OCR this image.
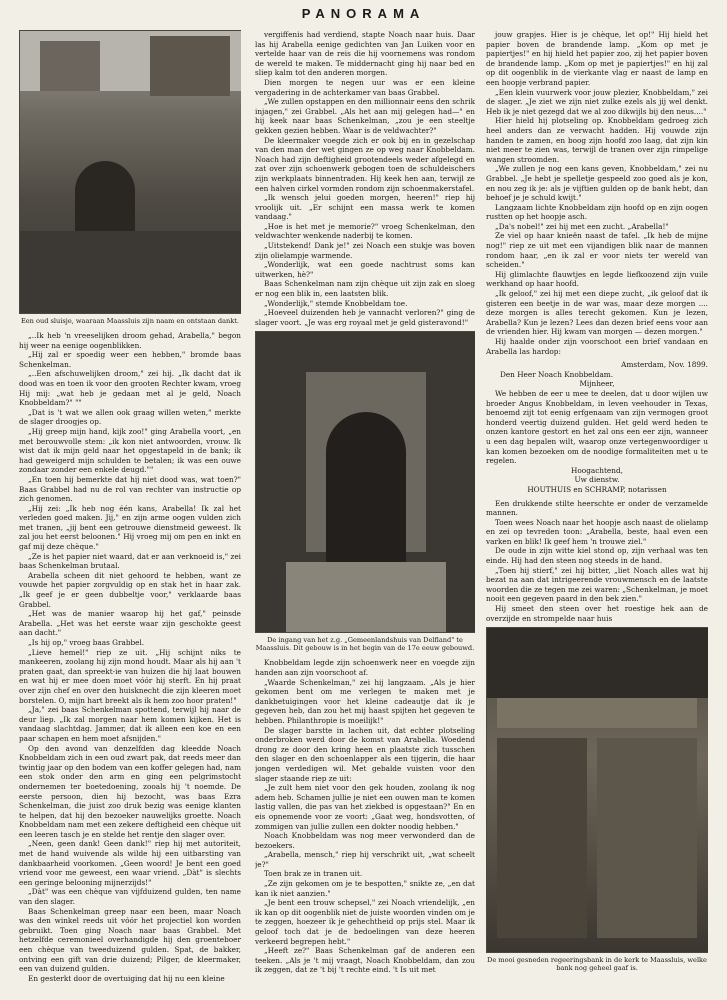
PANORAMA
Een oud sluisje, waaraan Maassluis zijn naam en ontstaan dankt.

„..Ik heb 'n vreeselijken droom gehad, Arabella," begon hij weer na eenige oogenblikken.

„Hij zal er spoedig weer een hebben," bromde baas Schenkelman.

„..Een afschuwelijken droom," zei hij. „Ik dacht dat ik dood was en toen ik voor den grooten Rechter kwam, vroeg Hij mij: „wat heb je gedaan met al je geld, Noach Knobbeldam?" ""

„Dat is 't wat we allen ook graag willen weten," merkte de slager droogjes op.

„Hij greep mijn hand, kijk zoo!" ging Arabella voort, „en met berouwvolle stem: „ik kon niet antwoorden, vrouw. Ik wist dat ik mijn geld naar het opgestapeld in de bank; ik had geweigerd mijn schulden te betalen; ik was een ouwe zondaar zonder een enkele deugd.""

„En toen hij bemerkte dat hij niet dood was, wat toen?" Baas Grabbel had nu de rol van rechter van instructie op zich genomen.

„Hij zei: „Ik heb nog één kans, Arabella! Ik zal het verleden goed maken. Jij," en zijn arme oogen vulden zich met tranen, „jij bent een getrouwe dienstmeid geweest. Ik zal jou het eerst beloonen." Hij vroeg mij om pen en inkt en gaf mij deze chèque."

„Ze is het papier niet waard, dat er aan verknoeid is," zei baas Schenkelman brutaal.

Arabella scheen dit niet gehoord te hebben, want ze vouwde het papier zorgvuldig op en stak het in haar zak. „Ik geef je er geen dubbeltje voor," verklaarde baas Grabbel.

„Het was de manier waarop hij het gaf," peinsde Arabella. „Het was het eerste waar zijn geschokte geest aan dacht."

„Is hij op," vroeg baas Grabbel.

„Lieve hemel!" riep ze uit. „Hij schijnt niks te mankeeren, zoolang hij zijn mond houdt. Maar als hij aan 't praten gaat, dan spreekt-ie van huizen die hij laat bouwen en wat hij er mee doen moet vóór hij sterft. En hij praat over zijn chef en over den huisknecht die zijn kleeren moet borstelen. O, mijn hart breekt als ik hem zoo hoor praten!"

„Ja," zei baas Schenkelman spottend, terwijl hij naar de deur liep. „Ik zal morgen naar hem komen kijken. Het is vandaag slachtdag. Jammer, dat ik alleen een koe en een paar schapen en hem moet afsnijden."

Op den avond van denzelfden dag kleedde Noach Knobbeldam zich in een oud zwart pak, dat reeds meer dan twintig jaar op den bodem van een koffer gelegen had, nam een stok onder den arm en ging een pelgrimstocht ondernemen ter boetedoening, zooals hij 't noemde. De eerste persoon, dien hij bezocht, was baas Ezra Schenkelman, die juist zoo druk bezig was eenige klanten te helpen, dat hij den bezoeker nauwelijks groette. Noach Knobbeldam nam met een zekere deftigheid een chèque uit een leeren tasch je en stelde het rentje den slager over.

„Neen, geen dank! Geen dank!" riep hij met autoriteit, met de hand wuivende als wilde hij een uitbarsting van dankbaarheid voorkomen. „Geen woord! Je bent een goed vriend voor me geweest, een waar vriend. „Dàt" is slechts een geringe belooning mijnerzijds!"

„Dàt" was een chèque van vijfduizend gulden, ten name van den slager.

Baas Schenkelman greep naar een been, maar Noach was den winkel reeds uit vóór het projectiel kon worden gebruikt. Toen ging Noach naar baas Grabbel. Met hetzelfde ceremonieel overhandigde hij den groenteboer een chèque van tweeduizend gulden. Spat, de bakker, ontving een gift van drie duizend; Pilger, de kleermaker, een van duizend gulden.

En gesterkt door de overtuiging dat hij nu een kleine

vergiffenis had verdiend, stapte Noach naar huis. Daar las hij Arabella eenige gedichten van Jan Luiken voor en vertelde haar van de reis die hij voornemens was rondom de wereld te maken. Te middernacht ging hij naar bed en sliep kalm tot den anderen morgen.

Dien morgen te negen uur was er een kleine vergadering in de achterkamer van baas Grabbel.

„We zullen opstappen en den millionnair eens den schrik injagen," zei Grabbel. „Als het aan mij gelegen had—" en hij keek naar baas Schenkelman, „zou je een steeltje gekken gezien hebben. Waar is de veldwachter?"

De kleermaker voegde zich er ook bij en in gezelschap van den man der wet gingen ze op weg naar Knobbeldam. Noach had zijn deftigheid grootendeels weder afgelegd en zat over zijn schoenwerk gebogen toen de schuldeischers zijn werkplaats binnentraden. Hij keek hen aan, terwijl ze een halven cirkel vormden rondom zijn schoenmakerstafel.

„Ik wensch jelui goeden morgen, heeren!" riep hij vroolijk uit. „Er schijnt een massa werk te komen vandaag."

„Hoe is het met je memorie?" vroeg Schenkelman, den veldwachter wenkende naderbij te komen.

„Uitstekend! Dank je!" zei Noach een stukje was boven zijn olielampje warmende.

„Wonderlijk, wat een goede nachtrust soms kan uitwerken, hè?"

Baas Schenkelman nam zijn chèque uit zijn zak en sloeg er nog een blik in, een laatsten blik.

„Wonderlijk," stemde Knobbeldam toe.

„Hoeveel duizenden heb je vannacht verloren?" ging de slager voort. „Je was erg royaal met je geld gisteravond!"

De ingang van het z.g. „Gemeenlandshuis van Delfland" te Maassluis. Dit gebouw is in het begin van de 17e eeuw gebouwd.

Knobbeldam legde zijn schoenwerk neer en voegde zijn handen aan zijn voorschoot af.

„Waarde Schenkelman," zei hij langzaam. „Als je hier gekomen bent om me verlegen te maken met je dankbetuigingen voor het kleine cadeautje dat ik je gegeven heb, dan zou het mij haast spijten het gegeven te hebben. Philanthropie is moeilijk!"

De slager barstte in lachen uit, dat echter plotseling onderbroken werd door de komst van Arabella. Woedend drong ze door den kring heen en plaatste zich tusschen den slager en den schoenlapper als een tijgerin, die haar jongen verdedigen wil. Met gebalde vuisten voor den slager staande riep ze uit:

„Je zult hem niet voor den gek houden, zoolang ik nog adem heb. Schamen jullie je niet een ouwen man te komen lastig vallen, die pas van het ziekbed is opgestaan?" En en eis opnemende voor ze voort: „Gaat weg, hondsvotten, of zommigen van jullie zullen een dokter noodig hebben."

Noach Knobbeldam was nog meer verwonderd dan de bezoekers.

„Arabella, mensch," riep hij verschrikt uit, „wat scheelt je?"

Toen brak ze in tranen uit.

„Ze zijn gekomen om je te bespotten," snikte ze, „en dat kan ik niet aanzien."

„Je bent een trouw schepsel," zei Noach vriendelijk, „en ik kan op dit oogenblik niet de juiste woorden vinden om je te zeggen, hoezeer ik je gehechtheid op prijs stel. Maar ik geloof toch dat je de bedoelingen van deze heeren verkeerd begrepen hebt."

„Heeft ze?" Baas Schenkelman gaf de anderen een teeken. „Als je 't mij vraagt, Noach Knobbeldam, dan zou ik zeggen, dat ze 't bij 't rechte eind. 't Is uit met

jouw grapjes. Hier is je chèque, let op!" Hij hield het papier boven de brandende lamp. „Kom op met je papiertjes!" en hij hield het papier zoo, zij het papier boven de brandende lamp. „Kom op met je papiertjes!" en hij zal op dit oogenblik in de vierkante vlag er naast de lamp en een hoopje verbrand papier.

„Een klein vuurwerk voor jouw plezier, Knobbeldam," zei de slager. „Je ziet we zijn niet zulke ezels als jij wel denkt. Heb ik je niet gezegd dat we al zoo dikwijls bij den neus...."

Hier hield hij plotseling op. Knobbeldam gedroeg zich heel anders dan ze verwacht hadden. Hij vouwde zijn handen te zamen, en boog zijn hoofd zoo laag, dat zijn kin niet meer te zien was, terwijl de tranen over zijn rimpelige wangen stroomden.

„We zullen je nog een kans geven, Knobbeldam," zei nu Grabbel. „Je hebt je spelletje gespeeld zoo goed als je kon, en nou zeg ik je: als je vijftien gulden op de bank hebt, dan behoef je je schuld kwijt."

Langzaam lichte Knobbeldam zijn hoofd op en zijn oogen rustten op het hoopje asch.

„Da's nobel!" zei hij met een zucht. „Arabella!"

Ze viel op haar knieën naast de tafel. „Ik heb de mijne nog!" riep ze uit met een vijandigen blik naar de mannen rondom haar, „en ik zal er voor niets ter wereld van scheiden."

Hij glimlachte flauwtjes en legde liefkoozend zijn vuile werkhand op haar hoofd.

„Ik geloof," zei hij met een diepe zucht, „ik geloof dat ik gisteren een beetje in de war was, maar deze morgen .... deze morgen is alles terecht gekomen. Kun je lezen, Arabella? Kun je lezen? Lees dan dezen brief eens voor aan de vrienden hier. Hij kwam van morgen — dezen morgen."

Hij haalde onder zijn voorschoot een brief vandaan en Arabella las hardop:

Amsterdam, Nov. 1899.

Den Heer Noach Knobbeldam.

Mijnheer,

We hebben de eer u mee te deelen, dat u door wijlen uw broeder Angus Knobbeldam, in leven veehouder in Texas, benoemd zijt tot eenig erfgenaam van zijn vermogen groot honderd veertig duizend gulden. Het geld werd heden te onzen kantore gestort en het zal ons een eer zijn, wanneer u een dag bepalen wilt, waarop onze vertegenwoordiger u kan komen bezoeken om de noodige formaliteiten met u te regelen.

Hoogachtend,

Uw dienstw.

HOUTHUIS en SCHRAMP, notarissen

Een drukkende stilte heerschte er onder de verzamelde mannen.

Toen wees Noach naar het hoopje asch naast de olielamp en zei op tevreden toon: „Arabella, beste, haal even een varken en blik! Ik geef hem 'n trouwe ziel."

De oude in zijn witte kiel stond op, zijn verhaal was ten einde. Hij had den steen nog steeds in de hand.

„Toen hij stierf," zei hij bitter, „liet Noach alles wat hij bezat na aan dat intrigeerende vrouwmensch en de laatste woorden die ze tegen me zei waren: „Schenkelman, je moet nooit een gegeven paard in den bek zien."

Hij smeet den steen over het roestige hek aan de overzijde en strompelde naar huis

De mooi gesneden regeeringsbank in de kerk te Maassluis, welke bank nog geheel gaaf is.
